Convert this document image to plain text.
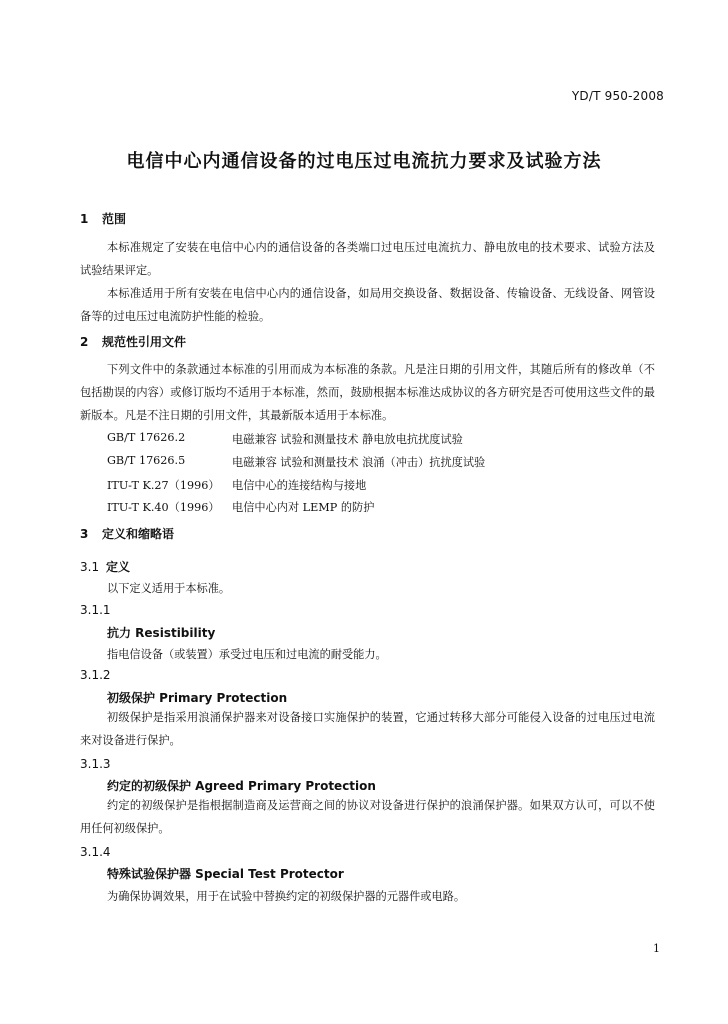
YD/T 950-2008
电信中心内通信设备的过电压过电流抗力要求及试验方法
1 范围
本标准规定了安装在电信中心内的通信设备的各类端口过电压过电流抗力、静电放电的技术要求、试验方法及试验结果评定。
本标准适用于所有安装在电信中心内的通信设备，如局用交换设备、数据设备、传输设备、无线设备、网管设备等的过电压过电流防护性能的检验。
2 规范性引用文件
下列文件中的条款通过本标准的引用而成为本标准的条款。凡是注日期的引用文件，其随后所有的修改单（不包括勘误的内容）或修订版均不适用于本标准，然而，鼓励根据本标准达成协议的各方研究是否可使用这些文件的最新版本。凡是不注日期的引用文件，其最新版本适用于本标准。
GB/T 17626.2	电磁兼容 试验和测量技术 静电放电抗扰度试验
GB/T 17626.5	电磁兼容 试验和测量技术 浪涌（冲击）抗扰度试验
ITU-T K.27（1996） 电信中心的连接结构与接地
ITU-T K.40（1996） 电信中心内对 LEMP 的防护
3 定义和缩略语
3.1 定义
以下定义适用于本标准。
3.1.1
抗力 Resistibility
指电信设备（或装置）承受过电压和过电流的耐受能力。
3.1.2
初级保护 Primary Protection
初级保护是指采用浪涌保护器来对设备接口实施保护的装置，它通过转移大部分可能侵入设备的过电压过电流来对设备进行保护。
3.1.3
约定的初级保护 Agreed Primary Protection
约定的初级保护是指根据制造商及运营商之间的协议对设备进行保护的浪涌保护器。如果双方认可，可以不使用任何初级保护。
3.1.4
特殊试验保护器 Special Test Protector
为确保协调效果，用于在试验中替换约定的初级保护器的元器件或电路。
1
